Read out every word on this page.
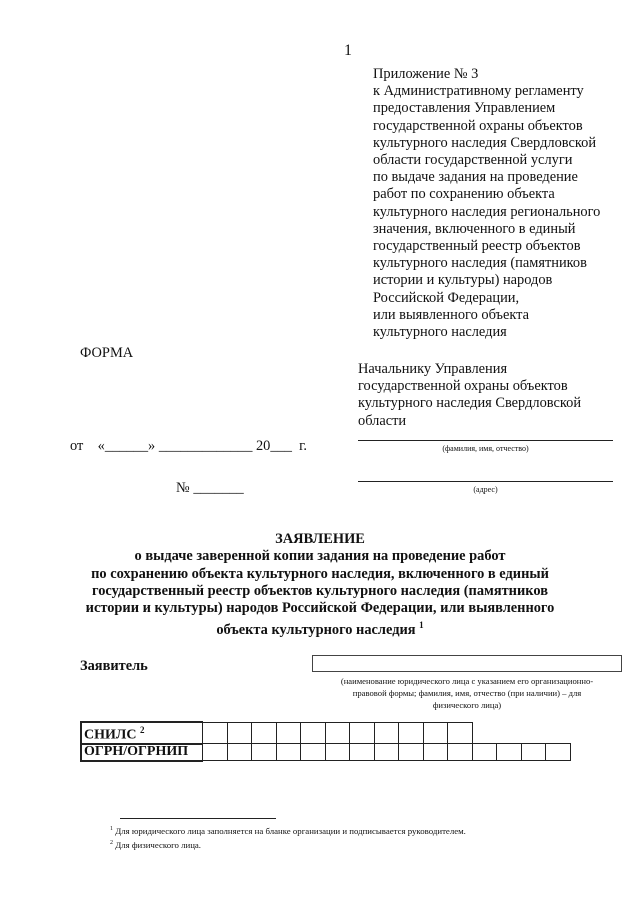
1
Приложение № 3
к Административному регламенту
предоставления Управлением
государственной охраны объектов
культурного наследия Свердловской
области государственной услуги
по выдаче задания на проведение
работ по сохранению объекта
культурного наследия регионального
значения, включенного в единый
государственный реестр объектов
культурного наследия (памятников
истории и культуры) народов
Российской Федерации,
или выявленного объекта
культурного наследия
ФОРМА
Начальнику Управления
государственной охраны объектов
культурного наследия Свердловской
области
(фамилия, имя, отчество)
(адрес)
от    «______» _____________ 20___  г.
№ _______
ЗАЯВЛЕНИЕ
о выдаче заверенной копии задания на проведение работ
по сохранению объекта культурного наследия, включенного в единый
государственный реестр объектов культурного наследия (памятников
истории и культуры) народов Российской Федерации, или выявленного
объекта культурного наследия $^1$
Заявитель
(наименование юридического лица с указанием его организационно-
правовой формы; фамилия, имя, отчество (при наличии) – для
физического лица)
СНИЛС $^2$															
ОГРН/ОГРНИП															
$^1$ Для юридического лица заполняется на бланке организации и подписывается руководителем.
$^2$ Для физического лица.
